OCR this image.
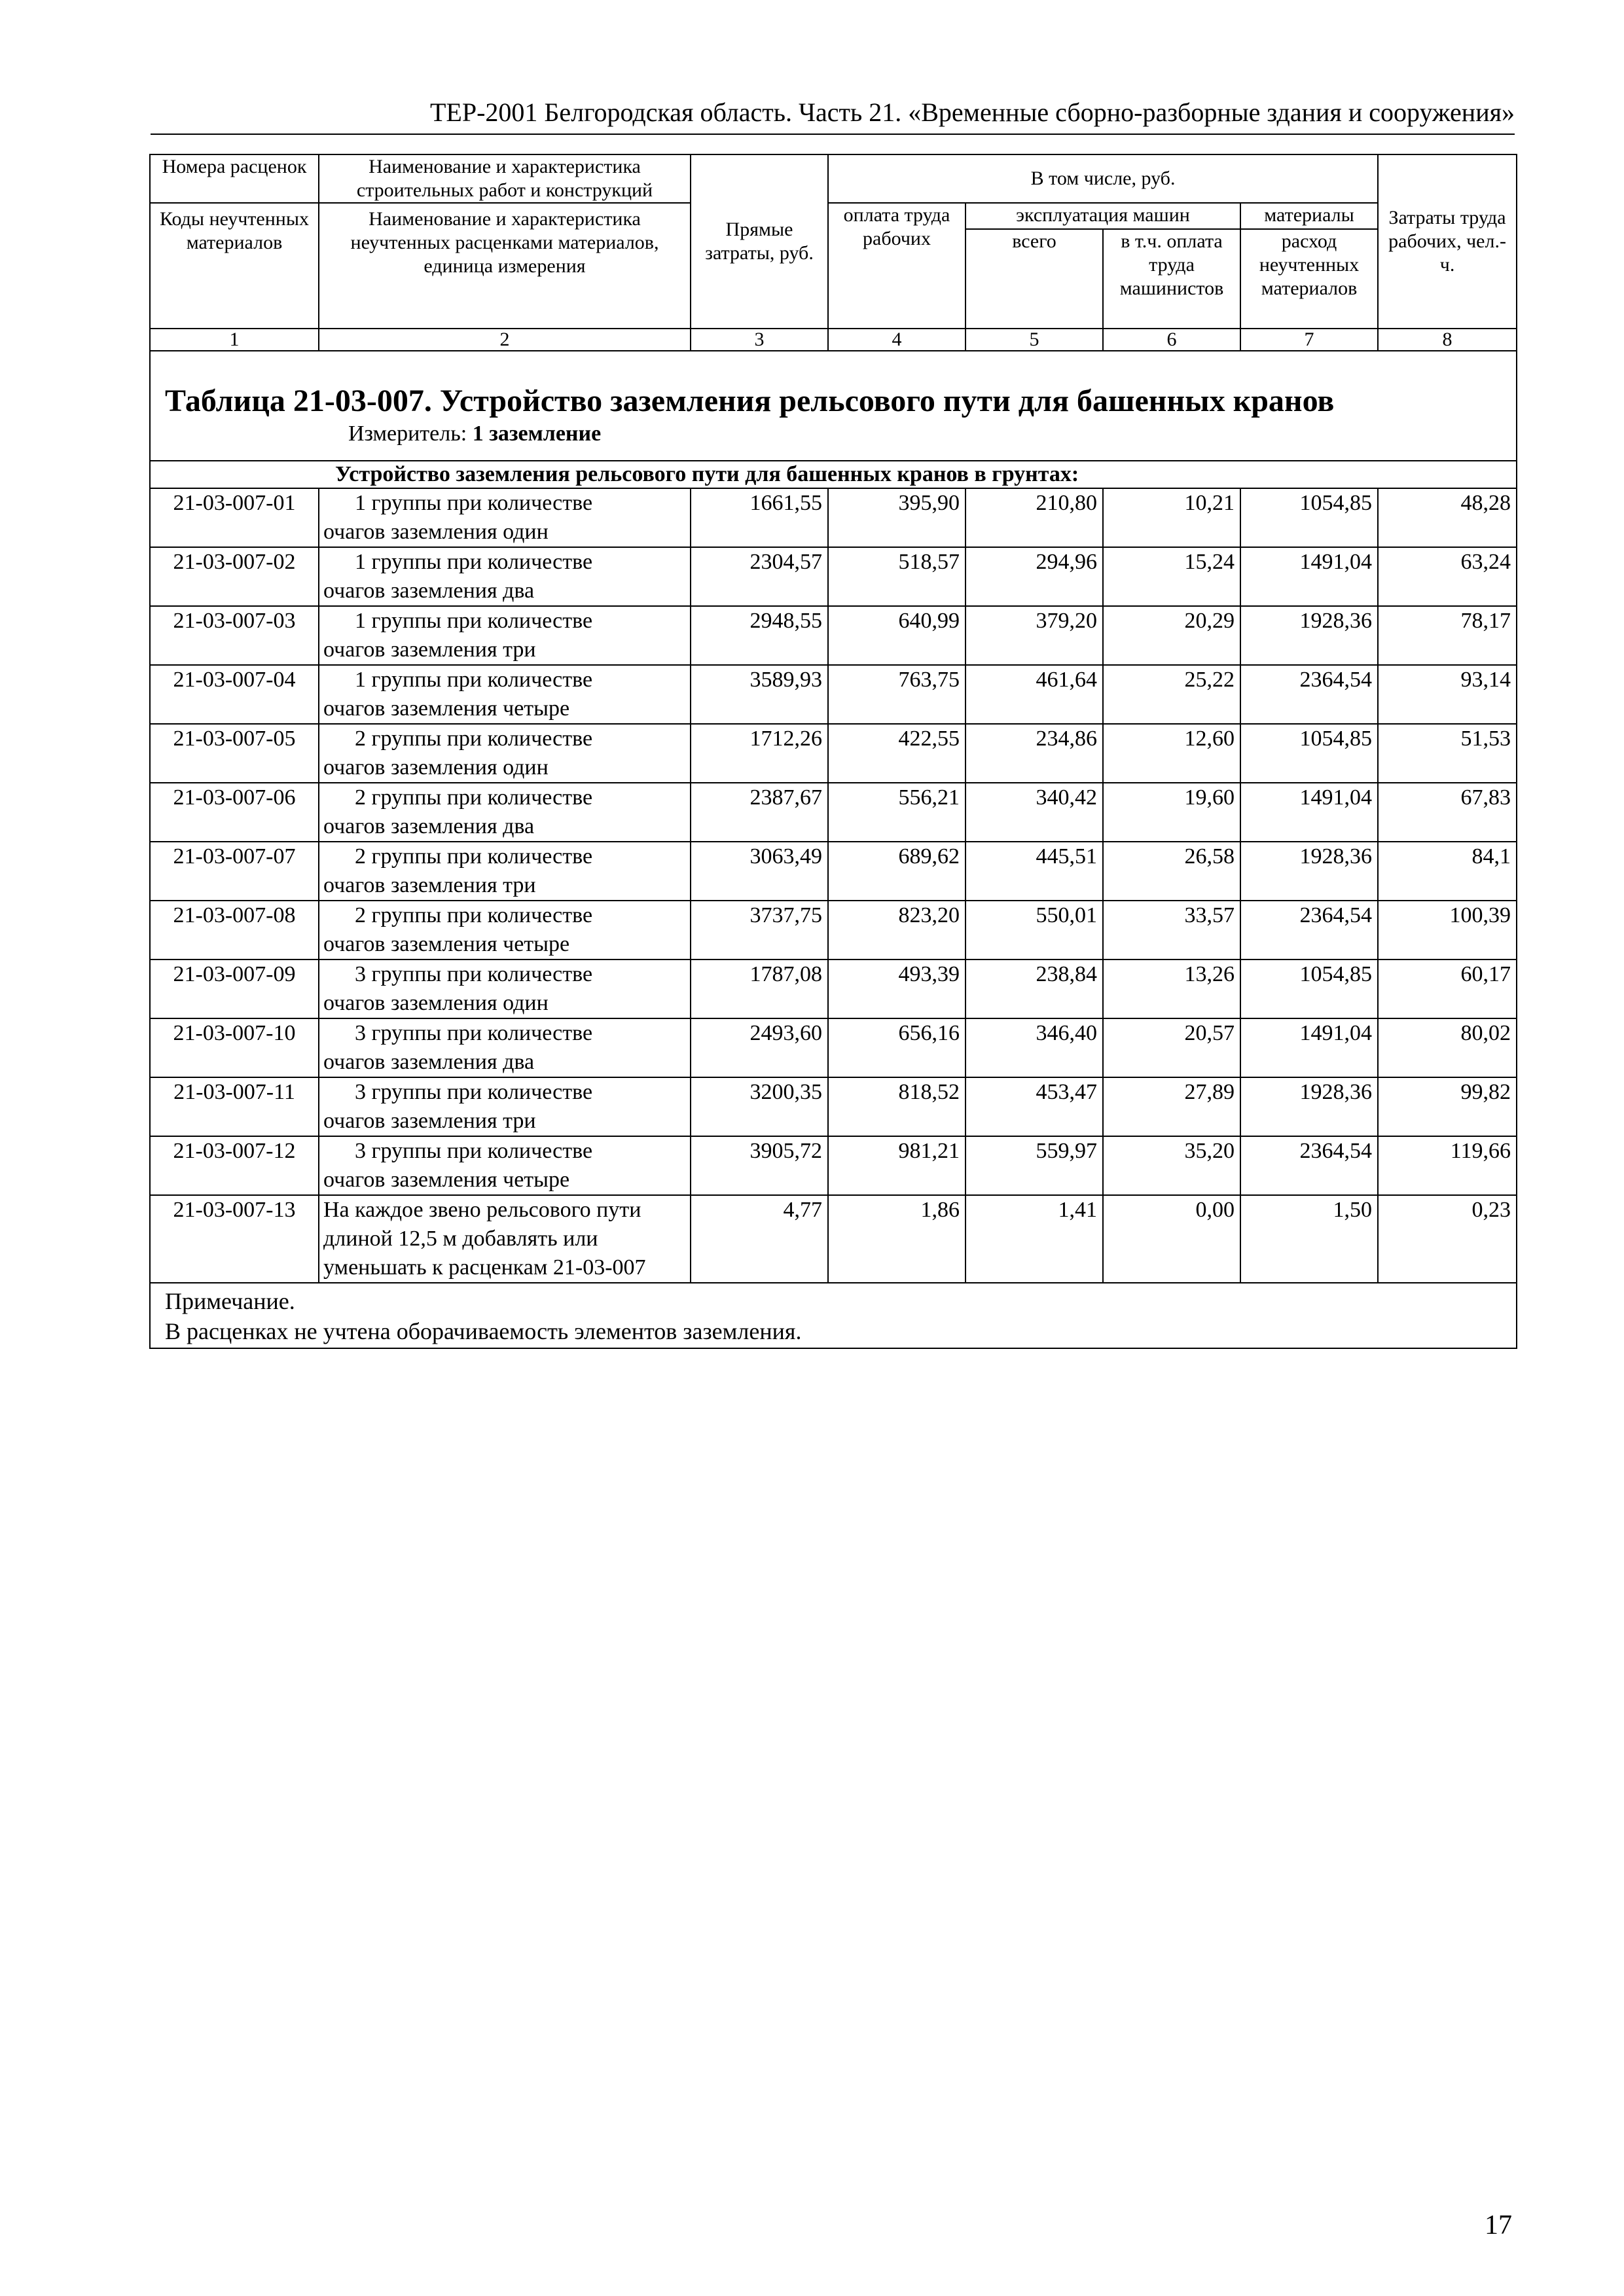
ТЕР-2001 Белгородская область. Часть 21. «Временные сборно-разборные здания и сооружения»
Номера расценок	Наименование и характеристика строительных работ и конструкций	Прямые затраты, руб.	В том числе, руб.				Затраты труда рабочих, чел.-ч.
Коды неучтенных материалов	Наименование и характеристика неучтенных расценками материалов, единица измерения		оплата труда рабочих	эксплуатация машин		материалы	
				всего	в т.ч. оплата труда машинистов	расход неучтенных материалов	
1	2	3	4	5	6	7	8

Таблица 21-03-007. Устройство заземления рельсового пути для башенных кранов
Измеритель: 1 заземление							

Устройство заземления рельсового пути для башенных кранов в грунтах:							
21-03-007-01	1 группы при количестве
очагов заземления один	1661,55	395,90	210,80	10,21	1054,85	48,28
21-03-007-02	1 группы при количестве
очагов заземления два	2304,57	518,57	294,96	15,24	1491,04	63,24
21-03-007-03	1 группы при количестве
очагов заземления три	2948,55	640,99	379,20	20,29	1928,36	78,17
21-03-007-04	1 группы при количестве
очагов заземления четыре	3589,93	763,75	461,64	25,22	2364,54	93,14
21-03-007-05	2 группы при количестве
очагов заземления один	1712,26	422,55	234,86	12,60	1054,85	51,53
21-03-007-06	2 группы при количестве
очагов заземления два	2387,67	556,21	340,42	19,60	1491,04	67,83
21-03-007-07	2 группы при количестве
очагов заземления три	3063,49	689,62	445,51	26,58	1928,36	84,1
21-03-007-08	2 группы при количестве
очагов заземления четыре	3737,75	823,20	550,01	33,57	2364,54	100,39
21-03-007-09	3 группы при количестве
очагов заземления один	1787,08	493,39	238,84	13,26	1054,85	60,17
21-03-007-10	3 группы при количестве
очагов заземления два	2493,60	656,16	346,40	20,57	1491,04	80,02
21-03-007-11	3 группы при количестве
очагов заземления три	3200,35	818,52	453,47	27,89	1928,36	99,82
21-03-007-12	3 группы при количестве
очагов заземления четыре	3905,72	981,21	559,97	35,20	2364,54	119,66
21-03-007-13	На каждое звено рельсового пути
длиной 12,5 м добавлять или
уменьшать к расценкам 21-03-007	4,77	1,86	1,41	0,00	1,50	0,23

Примечание.
В расценках не учтена оборачиваемость элементов заземления.							
17
